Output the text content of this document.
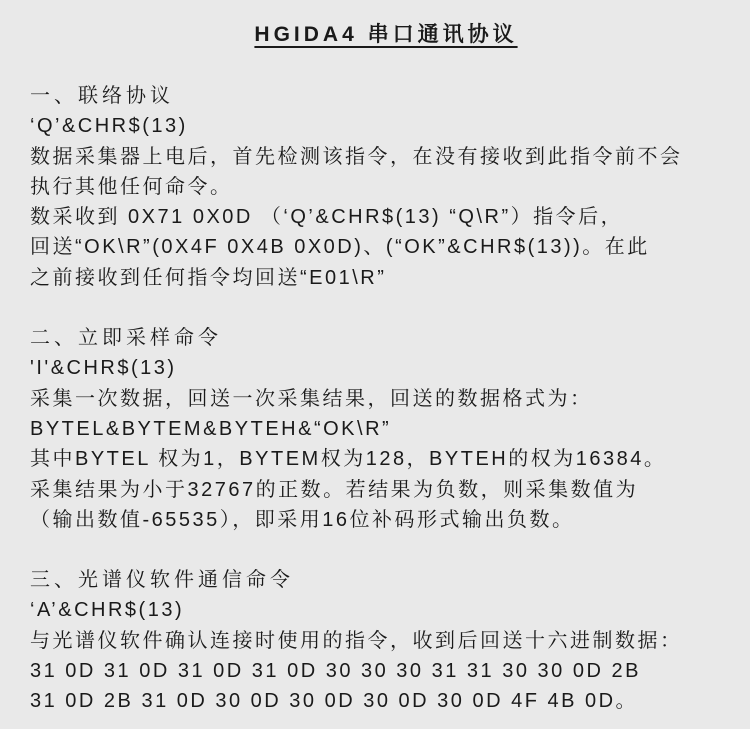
HGIDA4 串口通讯协议
一、联络协议
‘Q’&CHR$(13)
数据采集器上电后，首先检测该指令，在没有接收到此指令前不会
执行其他任何命令。
数采收到 0X71 0X0D （‘Q’&CHR$(13) “Q\R”）指令后，
回送“OK\R”(0X4F 0X4B 0X0D)、(“OK”&CHR$(13))。在此
之前接收到任何指令均回送“E01\R”
二、立即采样命令
'I'&CHR$(13)
采集一次数据，回送一次采集结果，回送的数据格式为：
BYTEL&BYTEM&BYTEH&“OK\R”
其中BYTEL 权为1，BYTEM权为128，BYTEH的权为16384。
采集结果为小于32767的正数。若结果为负数，则采集数值为
（输出数值-65535），即采用16位补码形式输出负数。
三、光谱仪软件通信命令
‘A’&CHR$(13)
与光谱仪软件确认连接时使用的指令，收到后回送十六进制数据：
31 0D 31 0D 31 0D 31 0D 30 30 30 31 31 30 30 0D 2B
31 0D 2B 31 0D 30 0D 30 0D 30 0D 30 0D 4F 4B 0D。
